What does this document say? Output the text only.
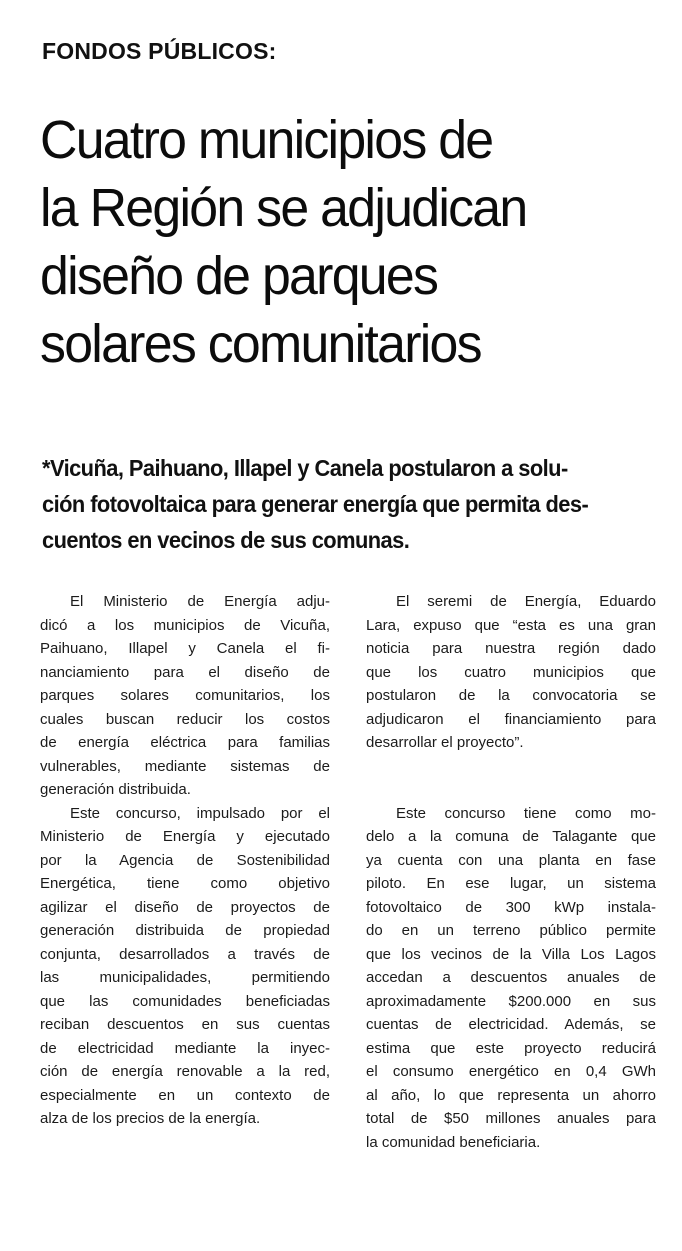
FONDOS PÚBLICOS:
Cuatro municipios de
la Región se adjudican
diseño de parques
solares comunitarios

*Vicuña, Paihuano, Illapel y Canela postularon a solu-
ción fotovoltaica para generar energía que permita des-
cuentos en vecinos de sus comunas.

El Ministerio de Energía adju-
dicó a los municipios de Vicuña,
Paihuano, Illapel y Canela el fi-
nanciamiento para el diseño de
parques solares comunitarios, los
cuales buscan reducir los costos
de energía eléctrica para familias
vulnerables, mediante sistemas de
generación distribuida.
Este concurso, impulsado por el
Ministerio de Energía y ejecutado
por la Agencia de Sostenibilidad
Energética, tiene como objetivo
agilizar el diseño de proyectos de
generación distribuida de propiedad
conjunta, desarrollados a través de
las municipalidades, permitiendo
que las comunidades beneficiadas
reciban descuentos en sus cuentas
de electricidad mediante la inyec-
ción de energía renovable a la red,
especialmente en un contexto de
alza de los precios de la energía.
El seremi de Energía, Eduardo
Lara, expuso que “esta es una gran
noticia para nuestra región dado
que los cuatro municipios que
postularon de la convocatoria se
adjudicaron el financiamiento para
desarrollar el proyecto”.
Este concurso tiene como mo-
delo a la comuna de Talagante que
ya cuenta con una planta en fase
piloto. En ese lugar, un sistema
fotovoltaico de 300 kWp instala-
do en un terreno público permite
que los vecinos de la Villa Los Lagos
accedan a descuentos anuales de
aproximadamente $200.000 en sus
cuentas de electricidad. Además, se
estima que este proyecto reducirá
el consumo energético en 0,4 GWh
al año, lo que representa un ahorro
total de $50 millones anuales para
la comunidad beneficiaria.
